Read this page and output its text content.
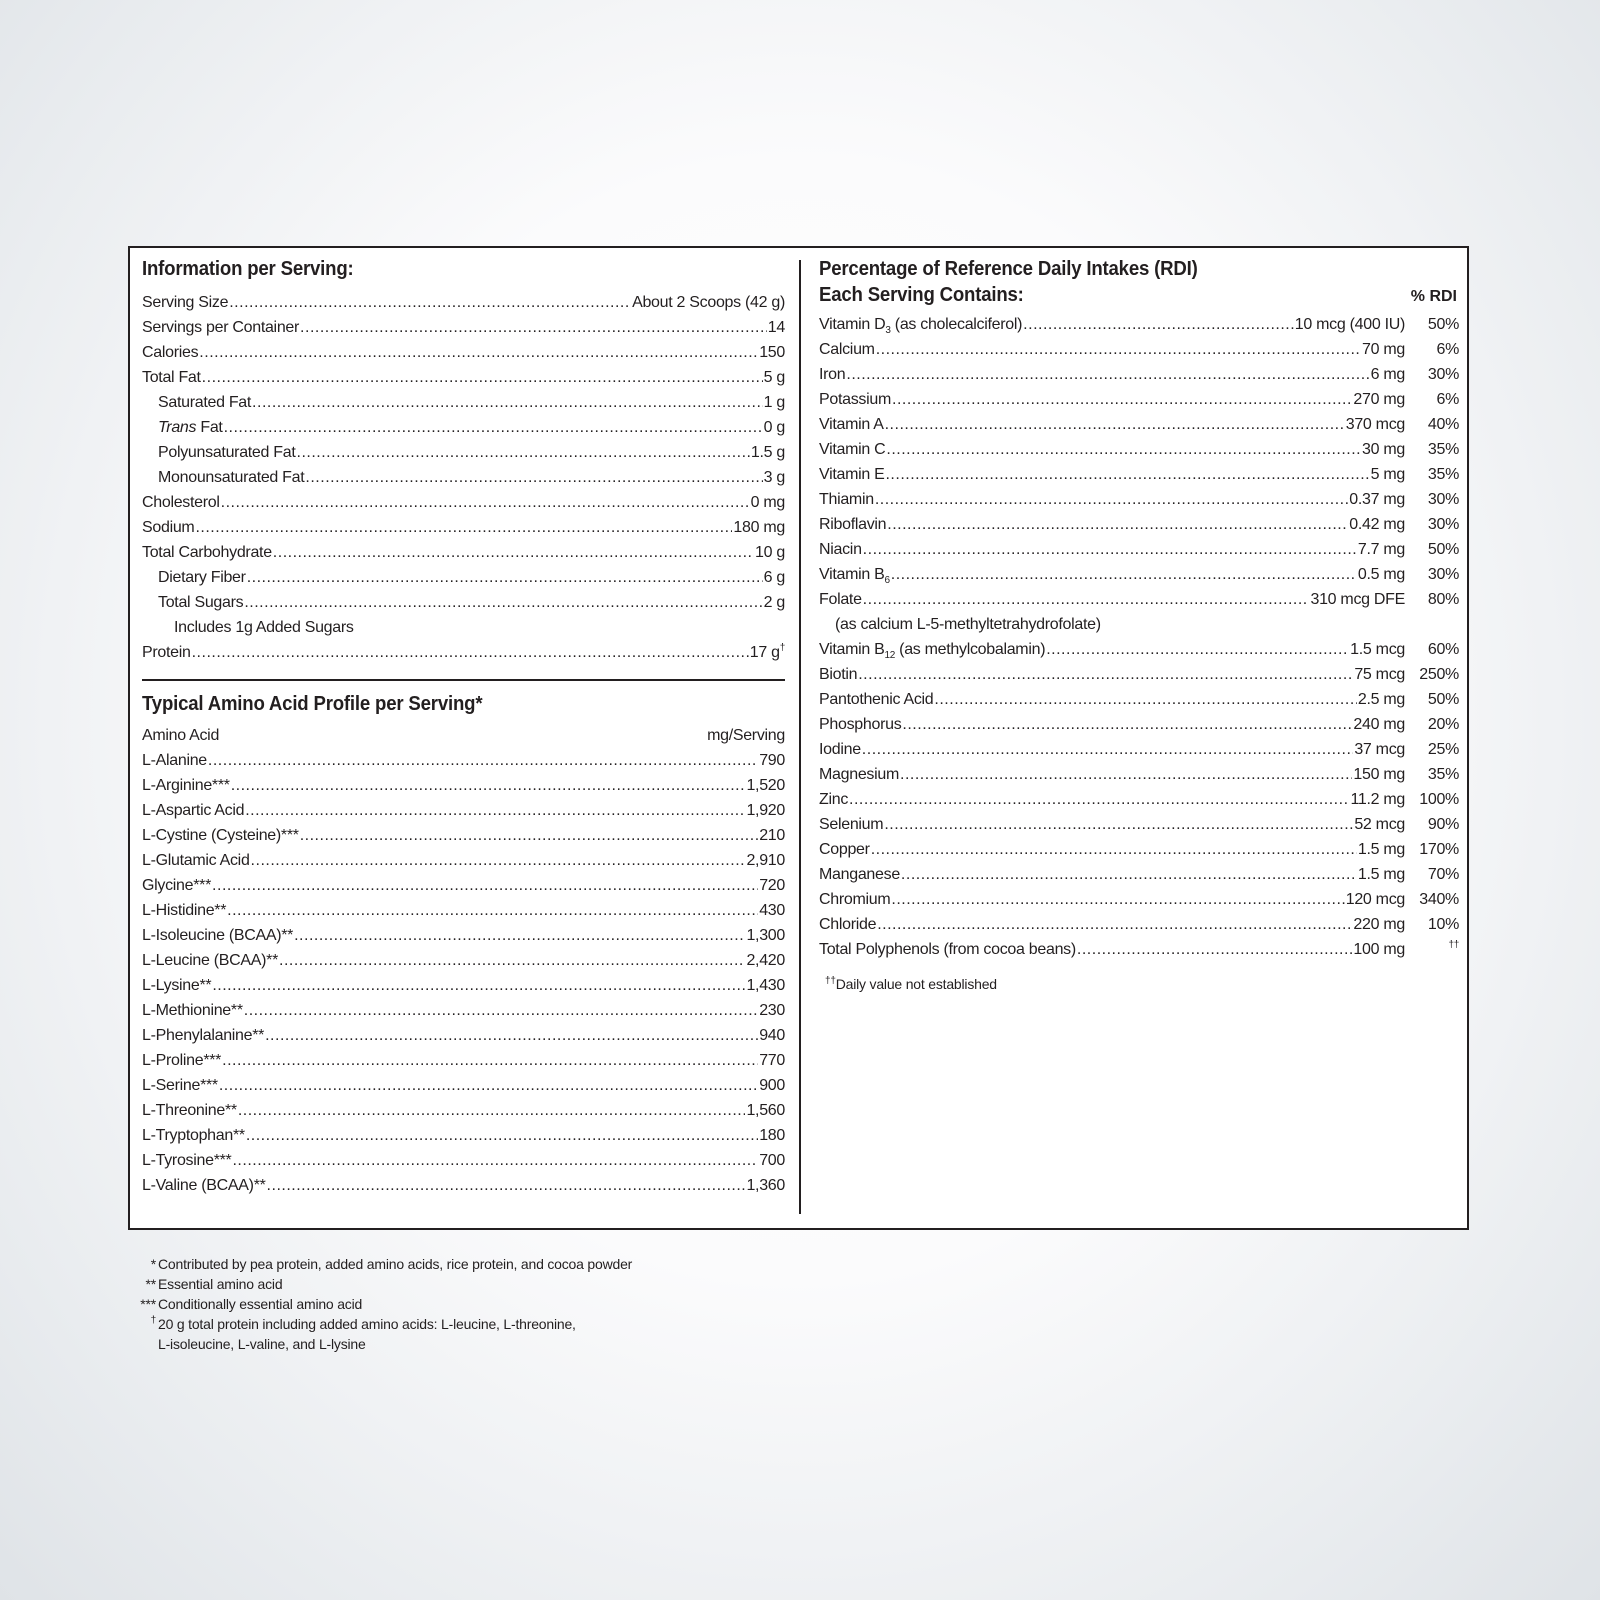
Information per Serving:
Serving Size .....	About 2 Scoops (42 g)
Servings per Container .....	14
Calories .....	150
Total Fat .....	5 g
Saturated Fat .....	1 g
Trans Fat .....	0 g
Polyunsaturated Fat .....	1.5 g
Monounsaturated Fat .....	3 g
Cholesterol .....	0 mg
Sodium .....	180 mg
Total Carbohydrate .....	10 g
Dietary Fiber .....	6 g
Total Sugars .....	2 g
Includes 1g Added Sugars
Protein .....	17 g†
Typical Amino Acid Profile per Serving*
Amino Acid	mg/Serving
L-Alanine .....	790
L-Arginine*** .....	1,520
L-Aspartic Acid .....	1,920
L-Cystine (Cysteine)*** .....	210
L-Glutamic Acid .....	2,910
Glycine*** .....	720
L-Histidine** .....	430
L-Isoleucine (BCAA)** .....	1,300
L-Leucine (BCAA)** .....	2,420
L-Lysine** .....	1,430
L-Methionine** .....	230
L-Phenylalanine** .....	940
L-Proline*** .....	770
L-Serine*** .....	900
L-Threonine** .....	1,560
L-Tryptophan** .....	180
L-Tyrosine*** .....	700
L-Valine (BCAA)** .....	1,360
Percentage of Reference Daily Intakes (RDI)
Each Serving Contains:	% RDI
Vitamin $D_3$ (as cholecalciferol) .....	10 mcg (400 IU)	50%
Calcium .....	70 mg	6%
Iron .....	6 mg	30%
Potassium .....	270 mg	6%
Vitamin A .....	370 mcg	40%
Vitamin C .....	30 mg	35%
Vitamin E .....	5 mg	35%
Thiamin .....	0.37 mg	30%
Riboflavin .....	0.42 mg	30%
Niacin .....	7.7 mg	50%
Vitamin $B_6$ .....	0.5 mg	30%
Folate .....	310 mcg DFE	80%
(as calcium L-5-methyltetrahydrofolate)
Vitamin $B_{12}$ (as methylcobalamin) .....	1.5 mcg	60%
Biotin .....	75 mcg 250%
Pantothenic Acid .....	2.5 mg	50%
Phosphorus .....	240 mg	20%
Iodine .....	37 mcg	25%
Magnesium .....	150 mg	35%
Zinc .....	11.2 mg 100%
Selenium .....	52 mcg	90%
Copper .....	1.5 mg 170%
Manganese .....	1.5 mg	70%
Chromium .....	120 mcg 340%
Chloride .....	220 mg	10%
Total Polyphenols (from cocoa beans) .....	100 mg	††
††Daily value not established
* Contributed by pea protein, added amino acids, rice protein, and cocoa powder
** Essential amino acid
*** Conditionally essential amino acid
† 20 g total protein including added amino acids: L-leucine, L-threonine,
L-isoleucine, L-valine, and L-lysine
